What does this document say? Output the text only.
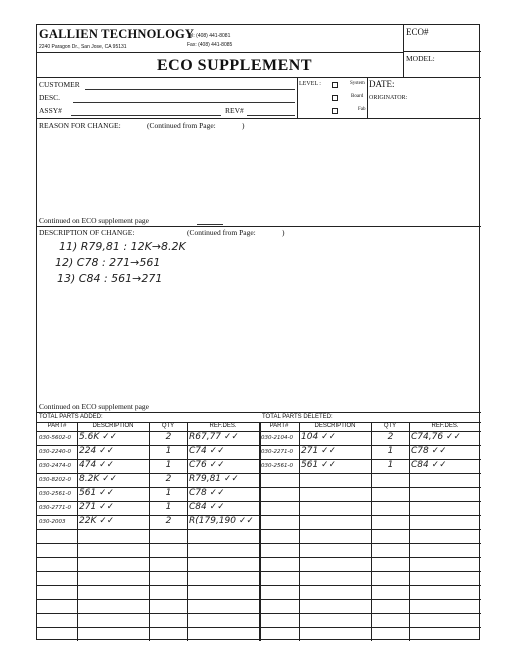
GALLIEN TECHNOLOGY
2240 Paragon Dr., San Jose, CA 95131
Tel: (408) 441-8081
Fax: (408) 441-8085
ECO#
ECO SUPPLEMENT	MODEL:
CUSTOMER
DESC.
ASSY#	REV#
LEVEL :	System
Board
Fab
DATE:
ORIGINATOR:
REASON FOR CHANGE:	(Continued from Page:	)
Continued on ECO supplement page
DESCRIPTION OF CHANGE:	(Continued from Page:	)
11) R79,81 : 12K→8.2K
12) C78 : 271→561
13) C84 : 561→271
Continued on ECO supplement page
TOTAL PARTS ADDED:	TOTAL PARTS DELETED:
PART#	DESCRIPTION	QTY	REF.DES.	PART#	DESCRIPTION	QTY	REF.DES.
030-5602-0 5.6K ✓✓	2	R67,77 ✓✓
030-2240-0 224 ✓✓	1	C74 ✓✓
030-2474-0 474 ✓✓	1	C76 ✓✓
030-8202-0 8.2K ✓✓	2	R79,81 ✓✓
030-2561-0 561 ✓✓	1	C78 ✓✓
030-2771-0 271 ✓✓	1	C84 ✓✓
030-2003	22K ✓✓	2	R(179,190 ✓✓
030-2104-0 104 ✓✓	2	C74,76 ✓✓
030-2271-0 271 ✓✓	1	C78 ✓✓
030-2561-0 561 ✓✓	1	C84 ✓✓
